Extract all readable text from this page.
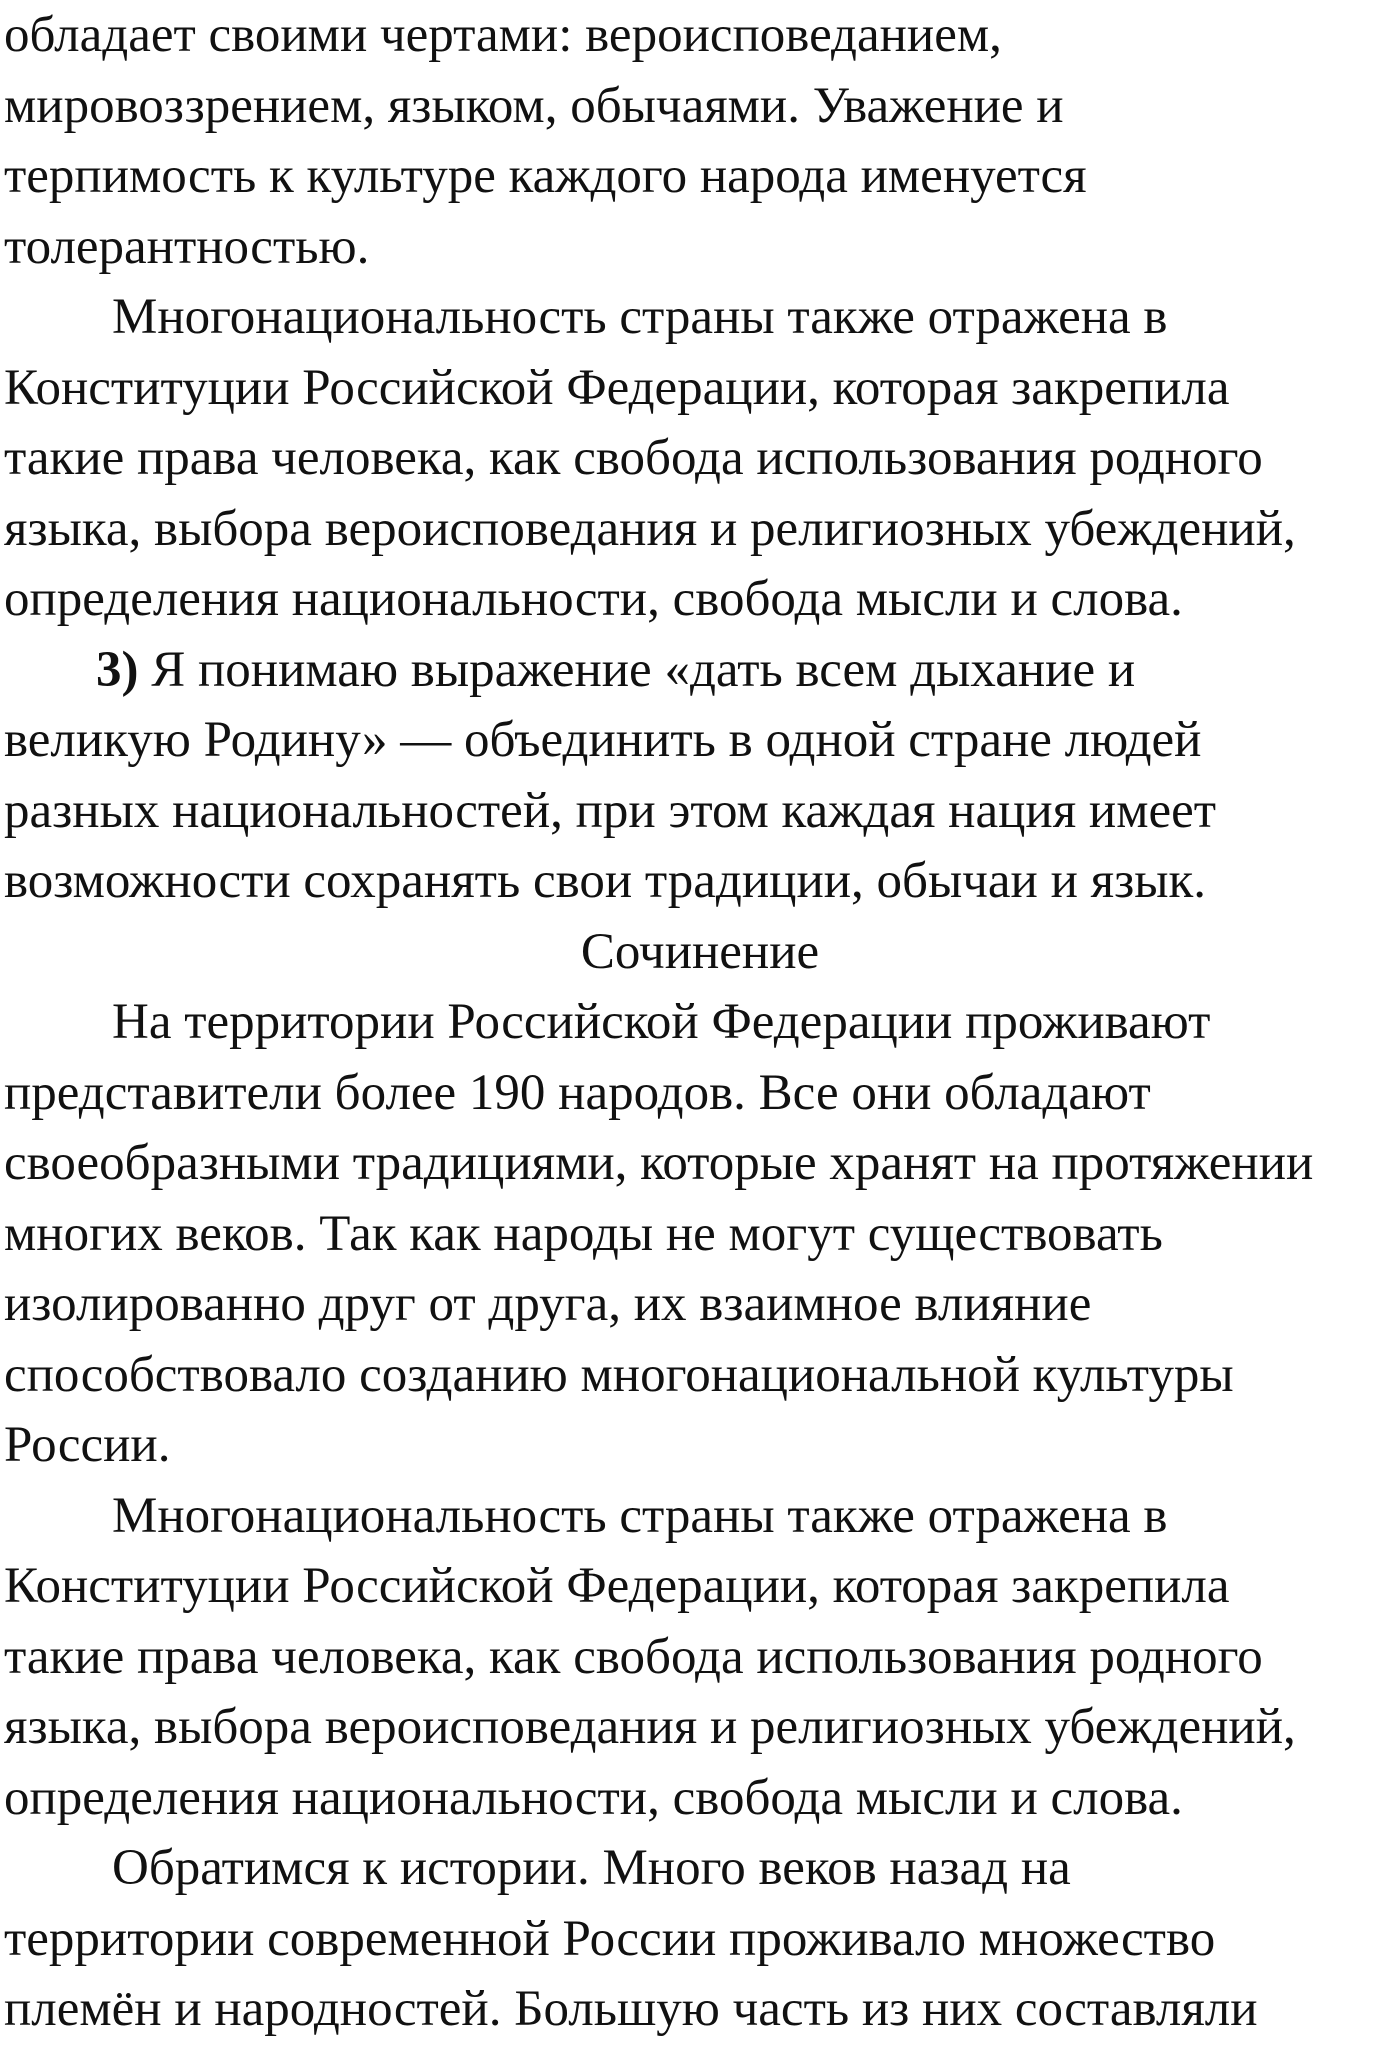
обладает своими чертами: вероисповеданием,
мировоззрением, языком, обычаями. Уважение и
терпимость к культуре каждого народа именуется
толерантностью.

Многонациональность страны также отражена в
Конституции Российской Федерации, которая закрепила
такие права человека, как свобода использования родного
языка, выбора вероисповедания и религиозных убеждений,
определения национальности, свобода мысли и слова.

3) Я понимаю выражение «дать всем дыхание и
великую Родину» — объединить в одной стране людей
разных национальностей, при этом каждая нация имеет
возможности сохранять свои традиции, обычаи и язык.

Сочинение

На территории Российской Федерации проживают
представители более 190 народов. Все они обладают
своеобразными традициями, которые хранят на протяжении
многих веков. Так как народы не могут существовать
изолированно друг от друга, их взаимное влияние
способствовало созданию многонациональной культуры
России.

Многонациональность страны также отражена в
Конституции Российской Федерации, которая закрепила
такие права человека, как свобода использования родного
языка, выбора вероисповедания и религиозных убеждений,
определения национальности, свобода мысли и слова.

Обратимся к истории. Много веков назад на
территории современной России проживало множество
племён и народностей. Большую часть из них составляли
